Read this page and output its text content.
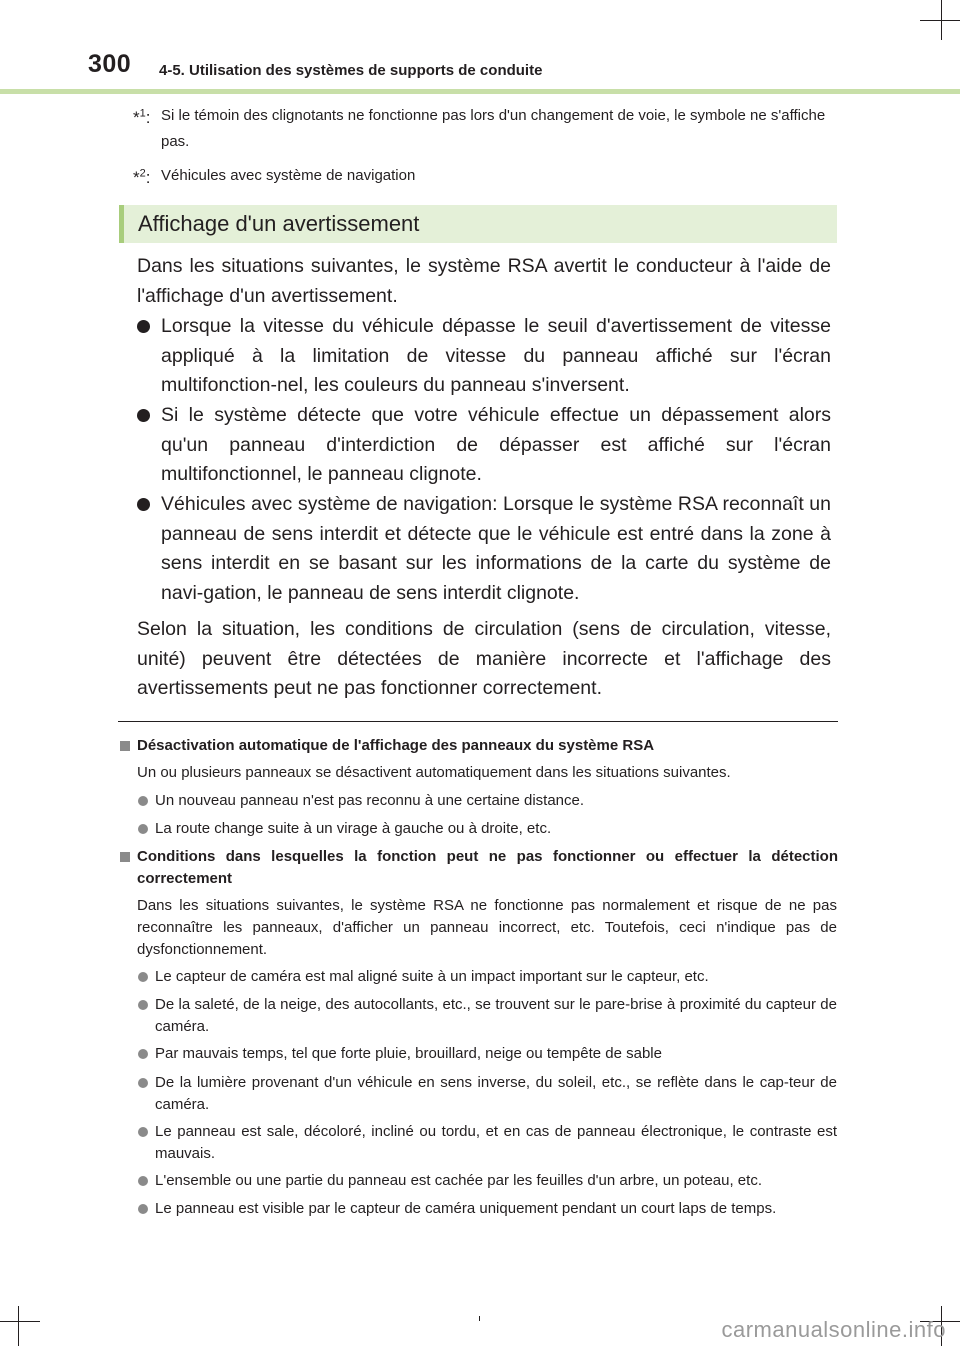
300 4-5. Utilisation des systèmes de supports de conduite
*$^1$: Si le témoin des clignotants ne fonctionne pas lors d'un changement de voie, le symbole ne s'affiche pas.
*$^2$: Véhicules avec système de navigation
Affichage d'un avertissement
Dans les situations suivantes, le système RSA avertit le conducteur à l'aide de l'affichage d'un avertissement.
Lorsque la vitesse du véhicule dépasse le seuil d'avertissement de vitesse appliqué à la limitation de vitesse du panneau affiché sur l'écran multifonction-nel, les couleurs du panneau s'inversent.
Si le système détecte que votre véhicule effectue un dépassement alors qu'un panneau d'interdiction de dépasser est affiché sur l'écran multifonctionnel, le panneau clignote.
Véhicules avec système de navigation: Lorsque le système RSA reconnaît un panneau de sens interdit et détecte que le véhicule est entré dans la zone à sens interdit en se basant sur les informations de la carte du système de navi-gation, le panneau de sens interdit clignote.
Selon la situation, les conditions de circulation (sens de circulation, vitesse, unité) peuvent être détectées de manière incorrecte et l'affichage des avertissements peut ne pas fonctionner correctement.
Désactivation automatique de l'affichage des panneaux du système RSA
Un ou plusieurs panneaux se désactivent automatiquement dans les situations suivantes.
Un nouveau panneau n'est pas reconnu à une certaine distance.
La route change suite à un virage à gauche ou à droite, etc.
Conditions dans lesquelles la fonction peut ne pas fonctionner ou effectuer la détection correctement
Dans les situations suivantes, le système RSA ne fonctionne pas normalement et risque de ne pas reconnaître les panneaux, d'afficher un panneau incorrect, etc. Toutefois, ceci n'indique pas de dysfonctionnement.
Le capteur de caméra est mal aligné suite à un impact important sur le capteur, etc.
De la saleté, de la neige, des autocollants, etc., se trouvent sur le pare-brise à proximité du capteur de caméra.
Par mauvais temps, tel que forte pluie, brouillard, neige ou tempête de sable
De la lumière provenant d'un véhicule en sens inverse, du soleil, etc., se reflète dans le cap-teur de caméra.
Le panneau est sale, décoloré, incliné ou tordu, et en cas de panneau électronique, le contraste est mauvais.
L'ensemble ou une partie du panneau est cachée par les feuilles d'un arbre, un poteau, etc.
Le panneau est visible par le capteur de caméra uniquement pendant un court laps de temps.
carmanualsonline.info
